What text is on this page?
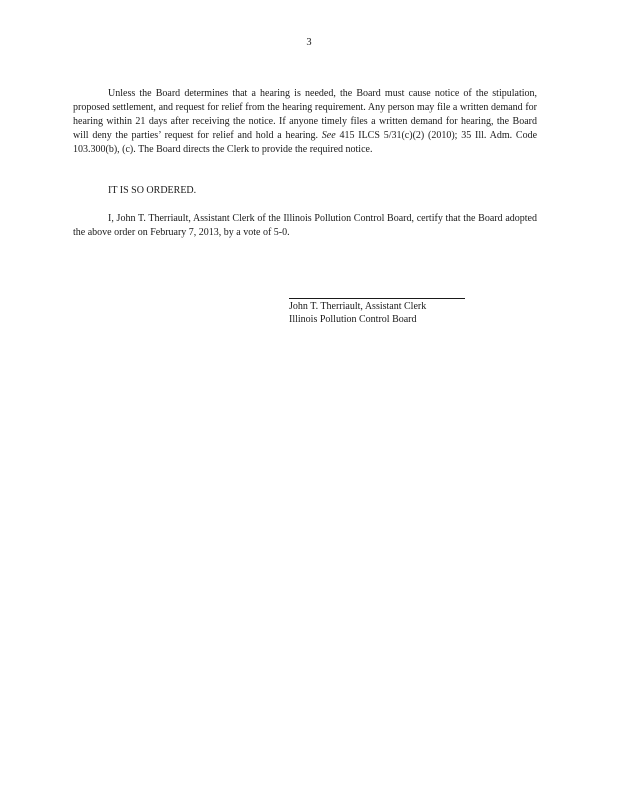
3

Unless the Board determines that a hearing is needed, the Board must cause notice of the stipulation, proposed settlement, and request for relief from the hearing requirement. Any person may file a written demand for hearing within 21 days after receiving the notice. If anyone timely files a written demand for hearing, the Board will deny the parties’ request for relief and hold a hearing. See 415 ILCS 5/31(c)(2) (2010); 35 Ill. Adm. Code 103.300(b), (c). The Board directs the Clerk to provide the required notice.

IT IS SO ORDERED.

I, John T. Therriault, Assistant Clerk of the Illinois Pollution Control Board, certify that the Board adopted the above order on February 7, 2013, by a vote of 5-0.

John T. Therriault, Assistant Clerk
Illinois Pollution Control Board
